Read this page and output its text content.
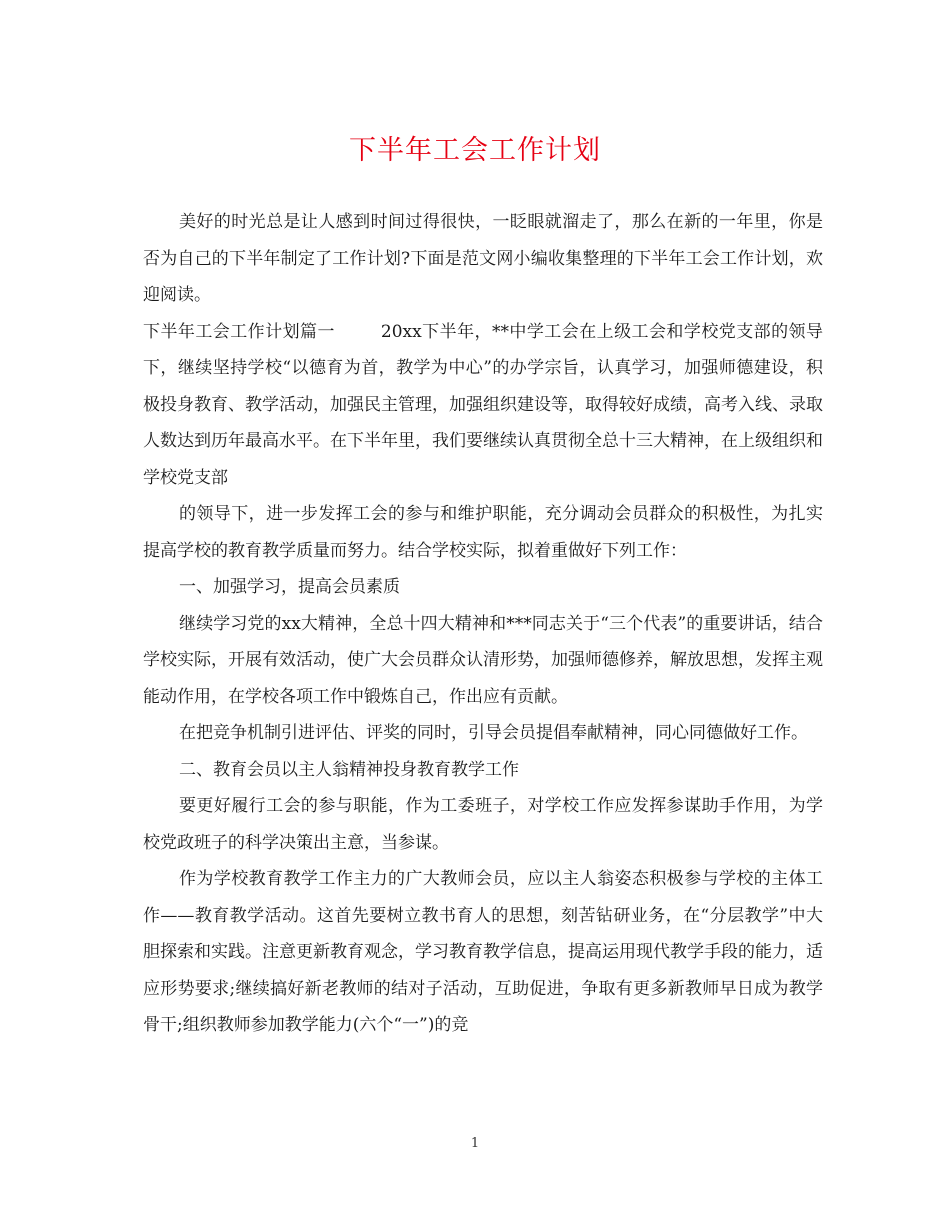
下半年工会工作计划

美好的时光总是让人感到时间过得很快，一眨眼就溜走了，那么在新的一年里，你是否为自己的下半年制定了工作计划?下面是范文网小编收集整理的下半年工会工作计划，欢迎阅读。

下半年工会工作计划篇一	20xx下半年，**中学工会在上级工会和学校党支部的领导下，继续坚持学校“以德育为首，教学为中心”的办学宗旨，认真学习，加强师德建设，积极投身教育、教学活动，加强民主管理，加强组织建设等，取得较好成绩，高考入线、录取人数达到历年最高水平。在下半年里，我们要继续认真贯彻全总十三大精神，在上级组织和学校党支部

的领导下，进一步发挥工会的参与和维护职能，充分调动会员群众的积极性，为扎实提高学校的教育教学质量而努力。结合学校实际，拟着重做好下列工作：

一、加强学习，提高会员素质

继续学习党的xx大精神，全总十四大精神和***同志关于“三个代表”的重要讲话，结合学校实际，开展有效活动，使广大会员群众认清形势，加强师德修养，解放思想，发挥主观能动作用，在学校各项工作中锻炼自己，作出应有贡献。

在把竞争机制引进评估、评奖的同时，引导会员提倡奉献精神，同心同德做好工作。

二、教育会员以主人翁精神投身教育教学工作

要更好履行工会的参与职能，作为工委班子，对学校工作应发挥参谋助手作用，为学校党政班子的科学决策出主意，当参谋。

作为学校教育教学工作主力的广大教师会员，应以主人翁姿态积极参与学校的主体工作——教育教学活动。这首先要树立教书育人的思想，刻苦钻研业务，在“分层教学”中大胆探索和实践。注意更新教育观念，学习教育教学信息，提高运用现代教学手段的能力，适应形势要求;继续搞好新老教师的结对子活动，互助促进，争取有更多新教师早日成为教学骨干;组织教师参加教学能力(六个“一”)的竞

1
